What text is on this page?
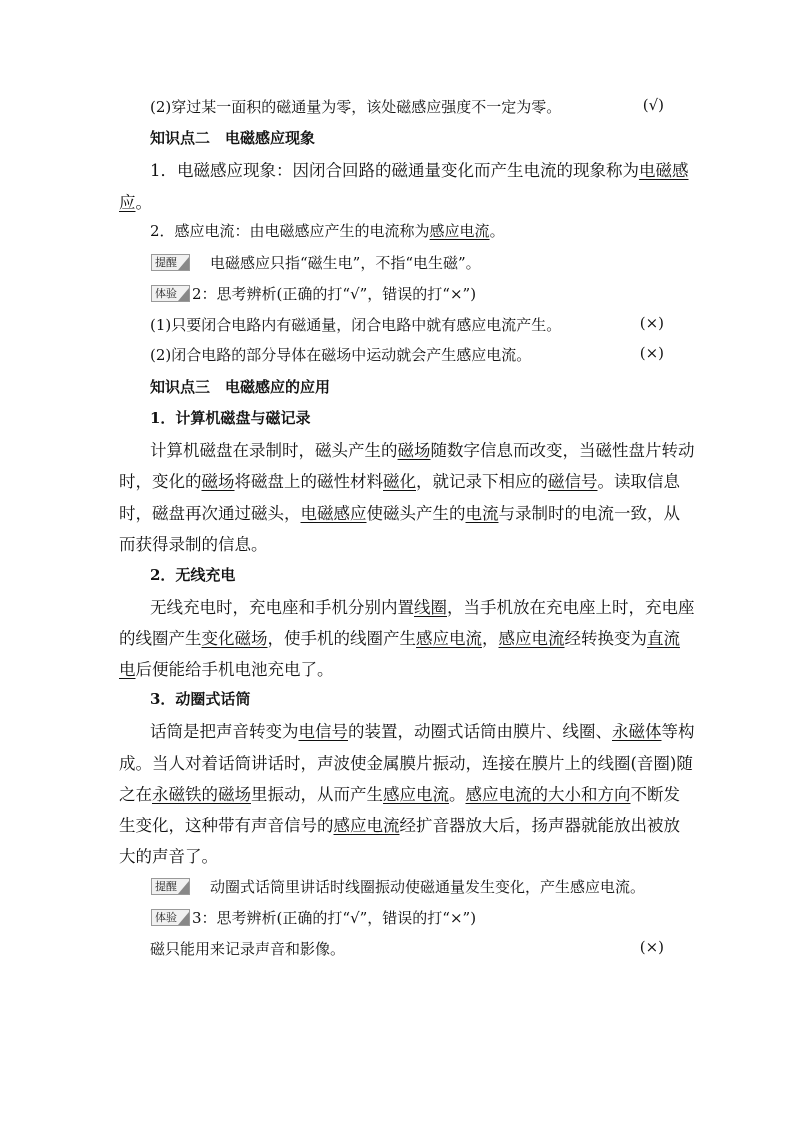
(2)穿过某一面积的磁通量为零，该处磁感应强度不一定为零。	(√)
知识点二　电磁感应现象
1．电磁感应现象：因闭合回路的磁通量变化而产生电流的现象称为电磁感
应。
2．感应电流：由电磁感应产生的电流称为感应电流。
提醒 电磁感应只指“磁生电”，不指“电生磁”。
体验 2：思考辨析(正确的打“√”，错误的打“×”)
(1)只要闭合电路内有磁通量，闭合电路中就有感应电流产生。	(×)
(2)闭合电路的部分导体在磁场中运动就会产生感应电流。	(×)
知识点三　电磁感应的应用
1．计算机磁盘与磁记录
计算机磁盘在录制时，磁头产生的磁场随数字信息而改变，当磁性盘片转动
时，变化的磁场将磁盘上的磁性材料磁化，就记录下相应的磁信号。读取信息
时，磁盘再次通过磁头，电磁感应使磁头产生的电流与录制时的电流一致，从
而获得录制的信息。
2．无线充电
无线充电时，充电座和手机分别内置线圈，当手机放在充电座上时，充电座
的线圈产生变化磁场，使手机的线圈产生感应电流，感应电流经转换变为直流
电后便能给手机电池充电了。
3．动圈式话筒
话筒是把声音转变为电信号的装置，动圈式话筒由膜片、线圈、永磁体等构
成。当人对着话筒讲话时，声波使金属膜片振动，连接在膜片上的线圈(音圈)随
之在永磁铁的磁场里振动，从而产生感应电流。感应电流的大小和方向不断发
生变化，这种带有声音信号的感应电流经扩音器放大后，扬声器就能放出被放
大的声音了。
提醒 动圈式话筒里讲话时线圈振动使磁通量发生变化，产生感应电流。
体验 3：思考辨析(正确的打“√”，错误的打“×”)
磁只能用来记录声音和影像。	(×)
